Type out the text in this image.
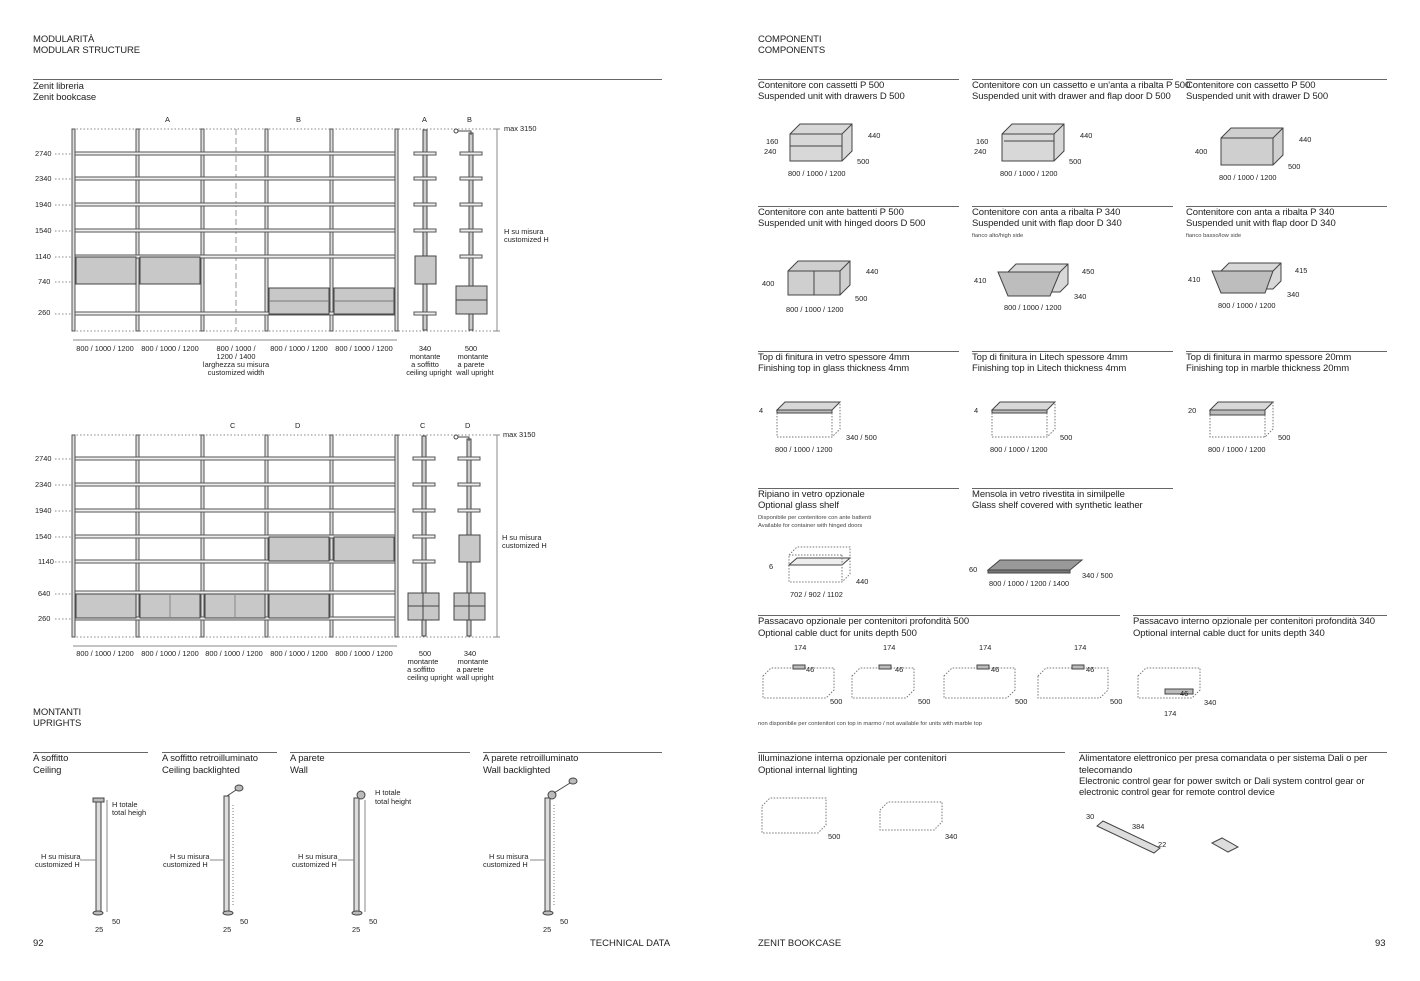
MODULARITÀ
MODULAR STRUCTURE
Zenit libreria
Zenit bookcase
A	B	A	B
max 3150
2740
2340
1940
1540
1140
740
260
H su misura
customized H
800 / 1000 / 1200 800 / 1000 / 1200 800 / 1000 /
1200 / 1400
larghezza su misura
customized width
800 / 1000 / 1200 800 / 1000 / 1200	340
montante
a soffitto
ceiling upright
500
montante
a parete
wall upright
C	D	C	D
max 3150
2740
2340
1940
1540
1140
640
260
H su misura
customized H
800 / 1000 / 1200 800 / 1000 / 1200 800 / 1000 / 1200 800 / 1000 / 1200 800 / 1000 / 1200	500
montante
a soffitto
ceiling upright
340
montante
a parete
wall upright
MONTANTI
UPRIGHTS
A soffitto
Ceiling
A soffitto retroilluminato
Ceiling backlighted
A parete
Wall
A parete retroilluminato
Wall backlighted
H totale
total heigh
H su misura
customized H
50
25
H su misura
customized H
50
25
H totale
total height
H su misura
customized H
50
25
H su misura
customized H
50
25
92	TECHNICAL DATA
COMPONENTI
COMPONENTS
Contenitore con cassetti P 500
Suspended unit with drawers D 500
Contenitore con un cassetto e un'anta a ribalta P 500
Suspended unit with drawer and flap door D 500
Contenitore con cassetto P 500
Suspended unit with drawer D 500
Contenitore con ante battenti P 500
Suspended unit with hinged doors D 500
Contenitore con anta a ribalta P 340
Suspended unit with flap door D 340
fianco alto/high side
Contenitore con anta a ribalta P 340
Suspended unit with flap door D 340
fianco basso/low side
Top di finitura in vetro spessore 4mm
Finishing top in glass thickness 4mm
Top di finitura in Litech spessore 4mm
Finishing top in Litech thickness 4mm
Top di finitura in marmo spessore 20mm
Finishing top in marble thickness 20mm
Ripiano in vetro opzionale
Optional glass shelf
Disponibile per contenitore con ante battenti
Available for container with hinged doors
Mensola in vetro rivestita in similpelle
Glass shelf covered with synthetic leather
Passacavo opzionale per contenitori profondità 500
Optional cable duct for units depth 500
Passacavo interno opzionale per contenitori profondità 340
Optional internal cable duct for units depth 340
non disponibile per contenitori con top in marmo / not available for units with marble top
Illuminazione interna opzionale per contenitori
Optional internal lighting
Alimentatore elettronico per presa comandata o per sistema Dali o per
telecomando
Electronic control gear for power switch or Dali system control gear or
electronic control gear for remote control device
160
240
440
500
800 / 1000 / 1200
160
240
440
500
800 / 1000 / 1200
400
440
500
800 / 1000 / 1200
400
440
500
800 / 1000 / 1200
410
450
340
800 / 1000 / 1200
410
415
340
800 / 1000 / 1200
4
340 / 500
800 / 1000 / 1200
4
500
800 / 1000 / 1200
20
500
800 / 1000 / 1200
6
440
702 / 902 / 1102
60
340 / 500
800 / 1000 / 1200 / 1400
174
46
500
174
46
500
174
46
500
174
46
500
46
174
340
500	340
30
384
22
ZENIT BOOKCASE	93
